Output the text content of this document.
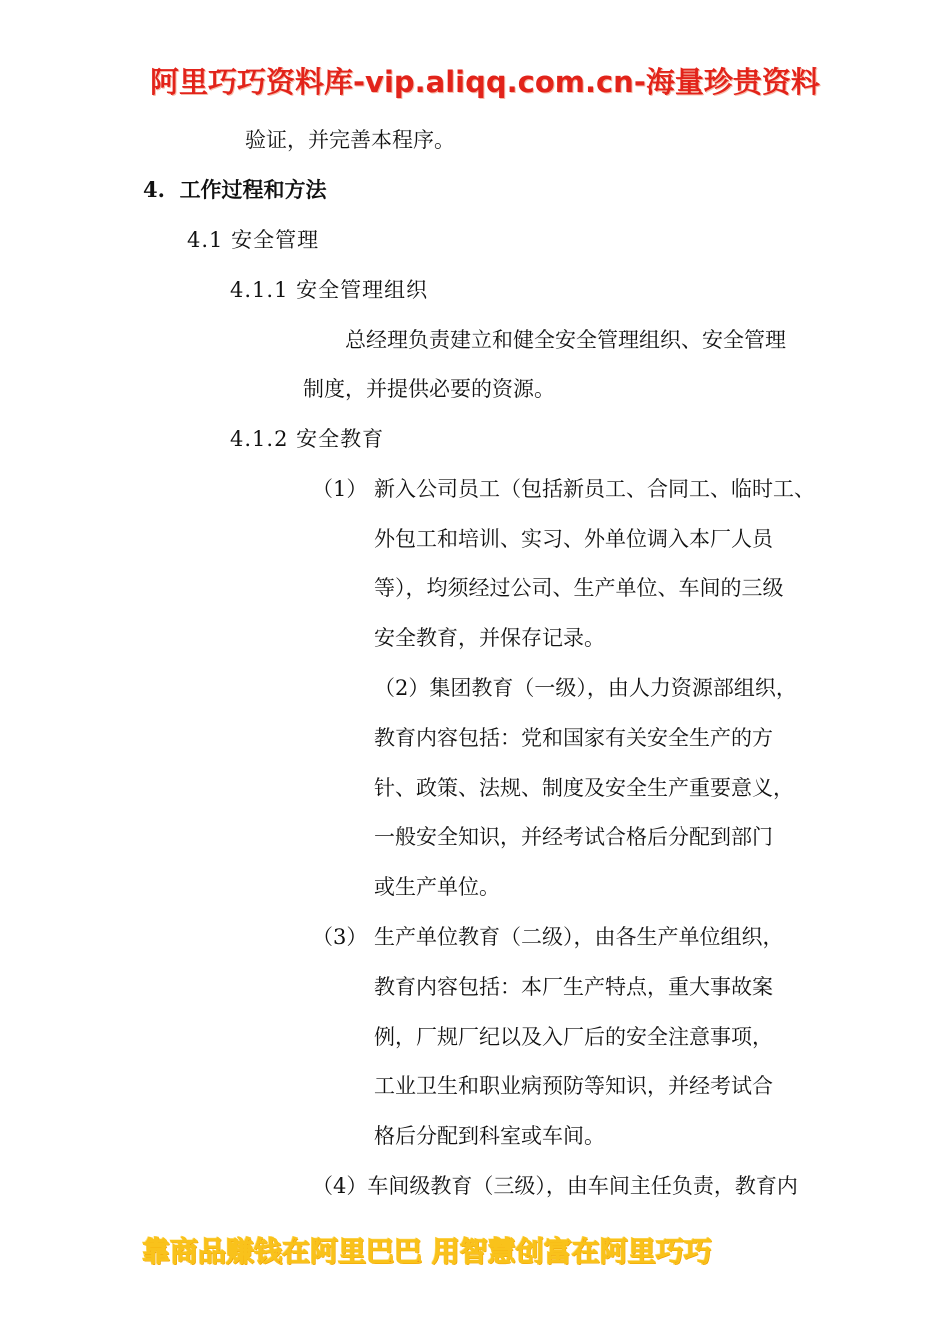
阿里巧巧资料库-vip.aliqq.com.cn-海量珍贵资料
验证，并完善本程序。
4. 工作过程和方法
4.1 安全管理
4.1.1 安全管理组织
总经理负责建立和健全安全管理组织、安全管理
制度，并提供必要的资源。
4.1.2 安全教育
（1） 新入公司员工（包括新员工、合同工、临时工、
外包工和培训、实习、外单位调入本厂人员
等），均须经过公司、生产单位、车间的三级
安全教育，并保存记录。
（2）集团教育（一级），由人力资源部组织，
教育内容包括：党和国家有关安全生产的方
针、政策、法规、制度及安全生产重要意义，
一般安全知识，并经考试合格后分配到部门
或生产单位。
（3） 生产单位教育（二级），由各生产单位组织，
教育内容包括：本厂生产特点，重大事故案
例，厂规厂纪以及入厂后的安全注意事项，
工业卫生和职业病预防等知识，并经考试合
格后分配到科室或车间。
（4）车间级教育（三级），由车间主任负责，教育内
靠商品赚钱在阿里巴巴 用智慧创富在阿里巧巧
